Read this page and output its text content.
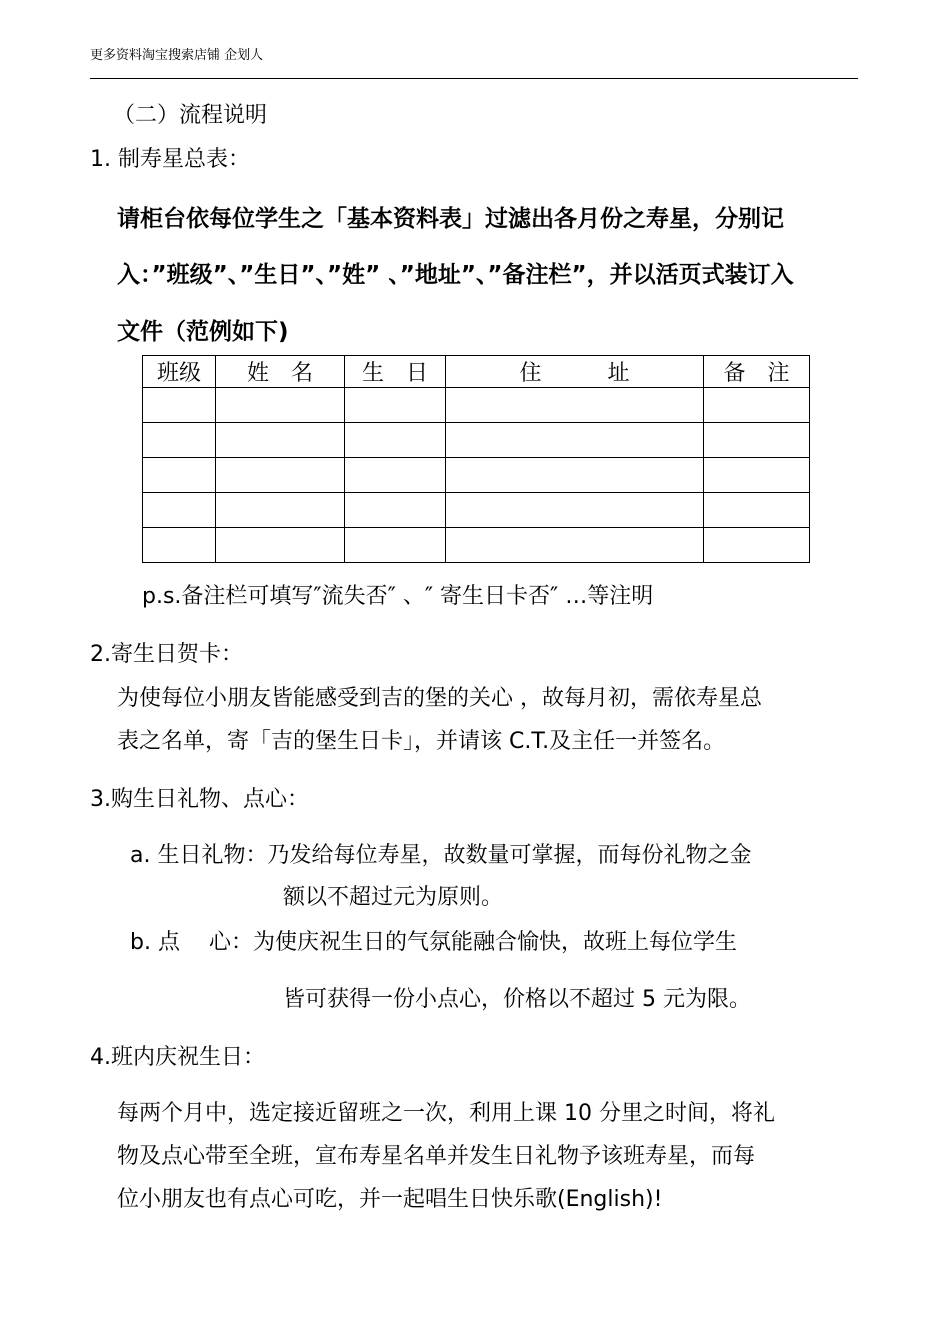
更多资料淘宝搜索店铺 企划人
（二）流程说明
1. 制寿星总表：
请柜台依每位学生之「基本资料表」过滤出各月份之寿星，分别记
入：”班级”、”生日”、”姓” 、”地址”、”备注栏”，并以活页式装订入
文件（范例如下)
班级	姓　名	生　日	住　　　址	备　注

p.s.备注栏可填写″流失否″ 、″ 寄生日卡否″ …等注明
2.寄生日贺卡：
为使每位小朋友皆能感受到吉的堡的关心 ，故每月初，需依寿星总
表之名单，寄「吉的堡生日卡」，并请该 C.T.及主任一并签名。
3.购生日礼物、点心：
a. 生日礼物：乃发给每位寿星，故数量可掌握，而每份礼物之金
额以不超过元为原则。
b. 点　 心：为使庆祝生日的气氛能融合愉快，故班上每位学生
皆可获得一份小点心，价格以不超过 5 元为限。
4.班内庆祝生日：
每两个月中，选定接近留班之一次，利用上课 10 分里之时间，将礼
物及点心带至全班，宣布寿星名单并发生日礼物予该班寿星，而每
位小朋友也有点心可吃，并一起唱生日快乐歌(English)!
